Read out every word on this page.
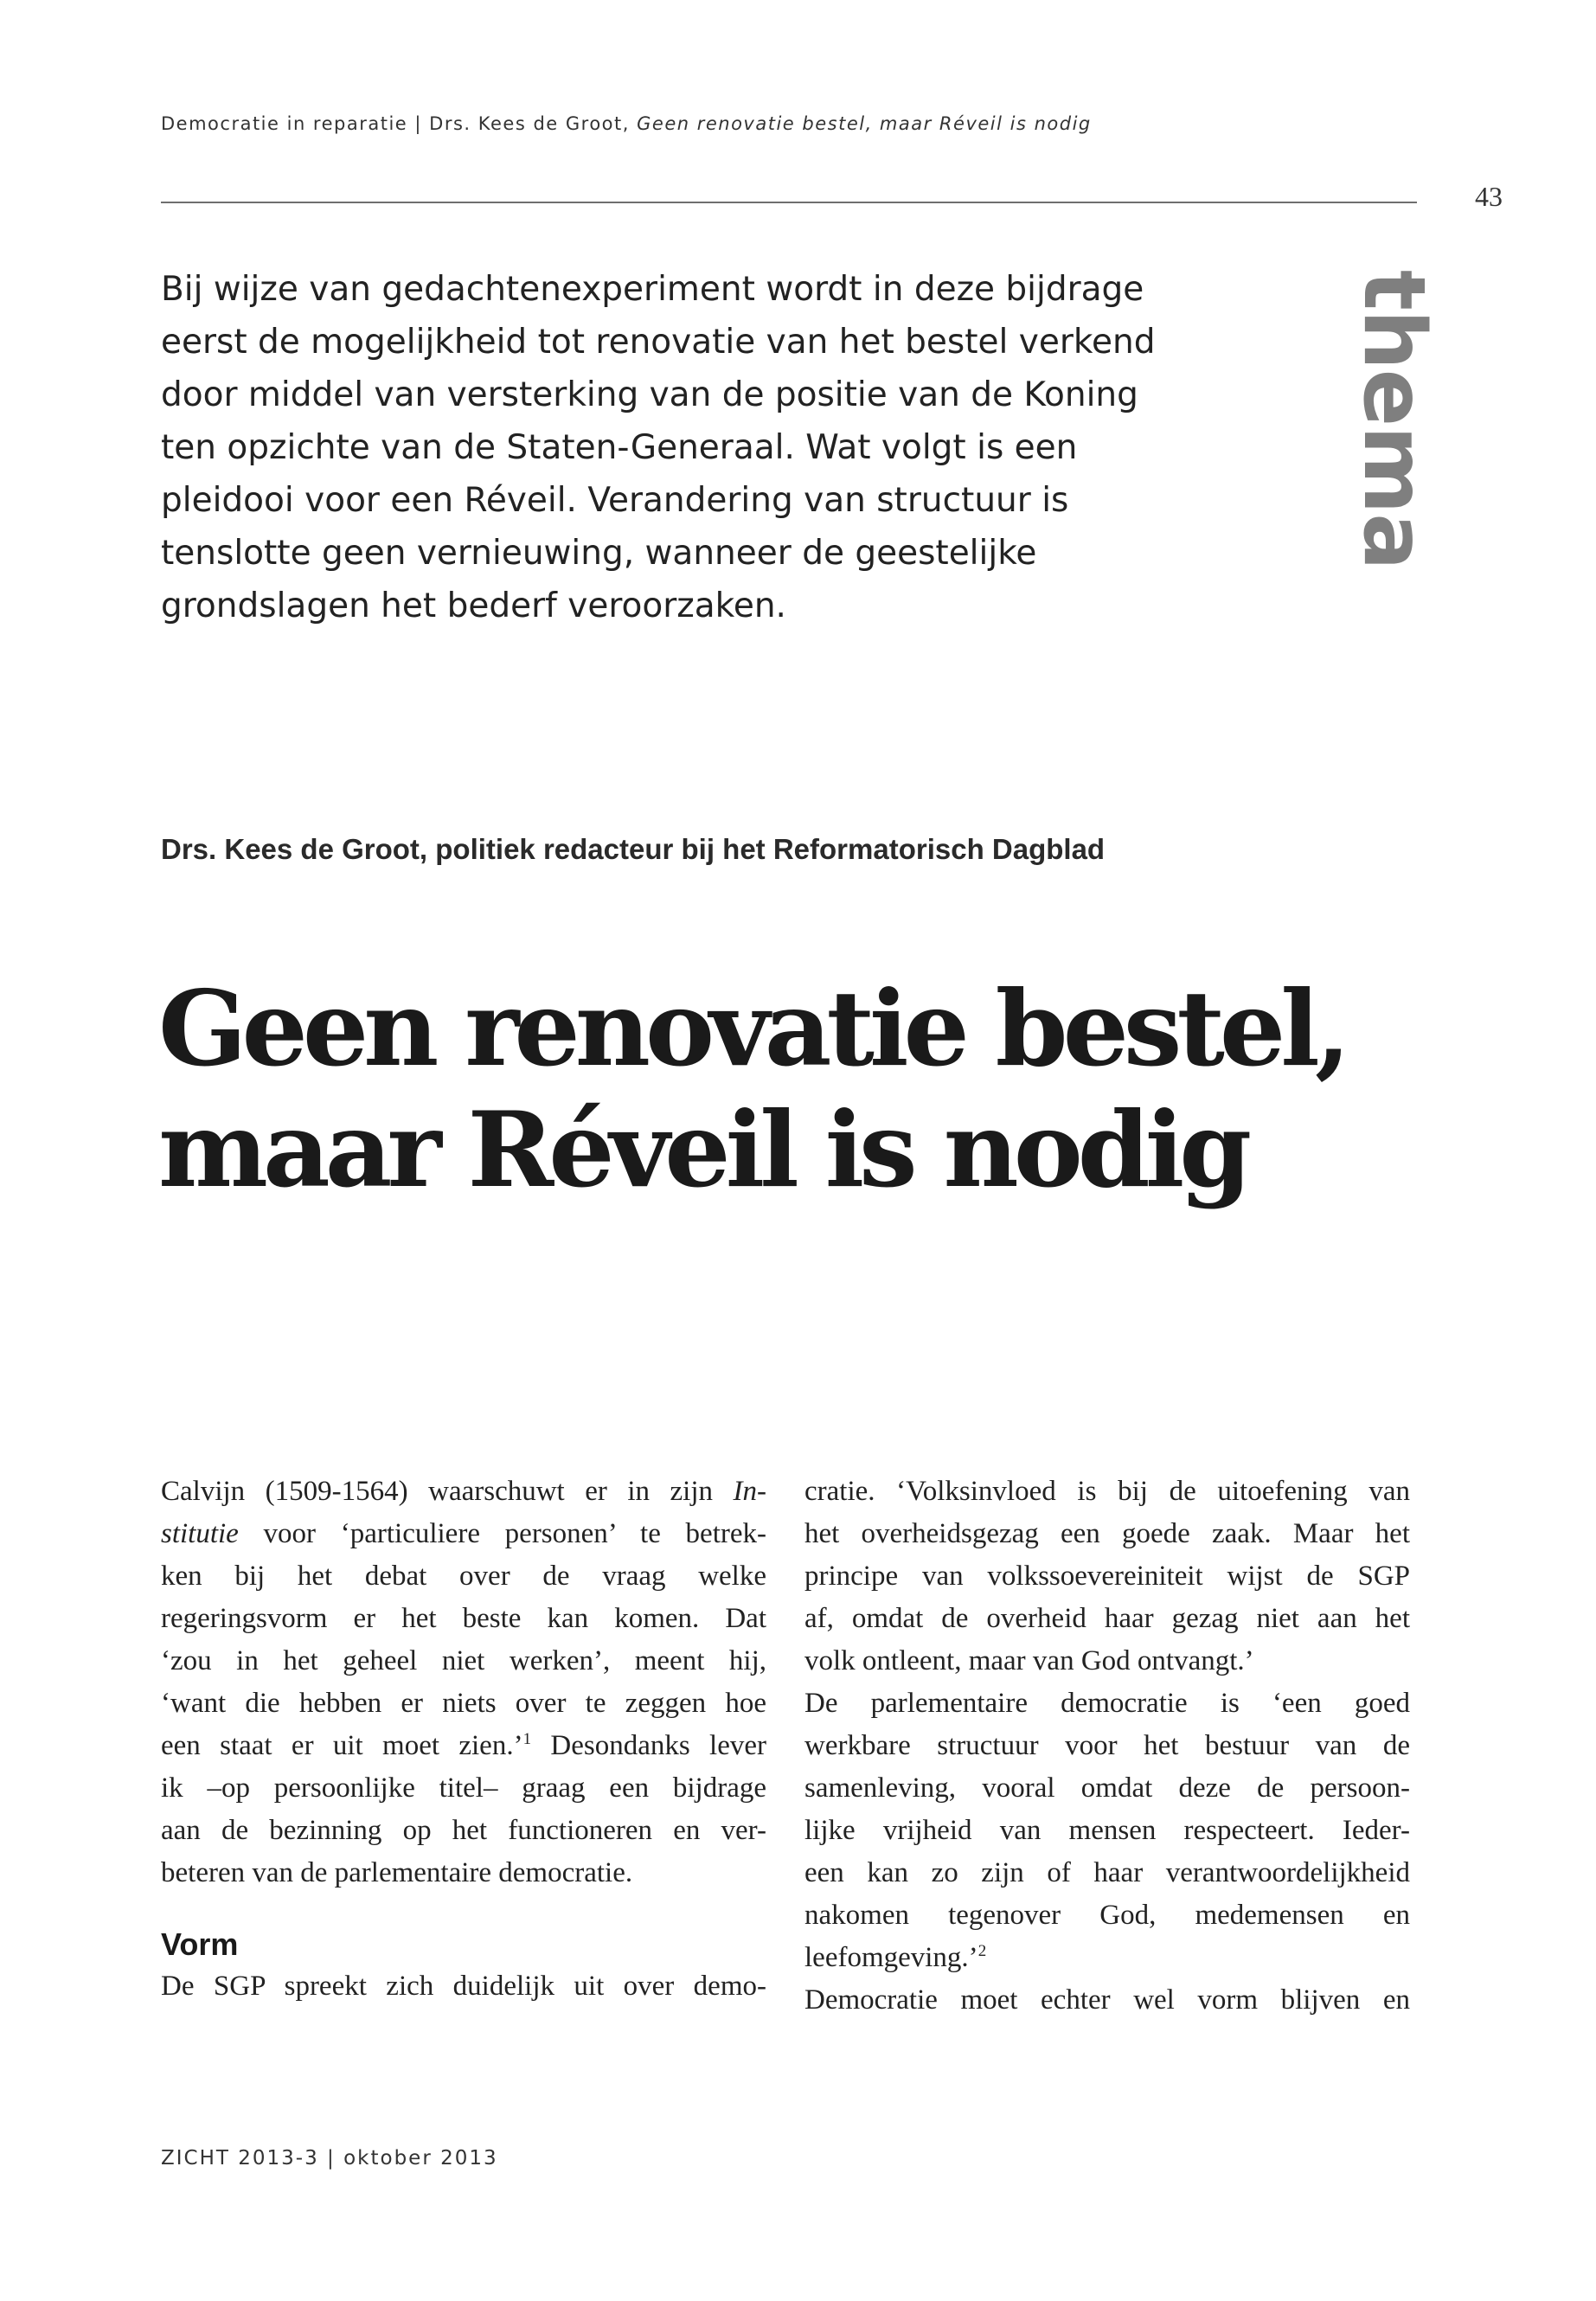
Democratie in reparatie | Drs. Kees de Groot, Geen renovatie bestel, maar Réveil is nodig
43
thema
Bij wijze van gedachtenexperiment wordt in deze bijdrage
eerst de mogelijkheid tot renovatie van het bestel verkend
door middel van versterking van de positie van de Koning
ten opzichte van de Staten-Generaal. Wat volgt is een
pleidooi voor een Réveil. Verandering van structuur is
tenslotte geen vernieuwing, wanneer de geestelijke
grondslagen het bederf veroorzaken.
Drs. Kees de Groot, politiek redacteur bij het Reformatorisch Dagblad
Geen renovatie bestel,
maar Réveil is nodig
Calvijn (1509-1564) waarschuwt er in zijn In-
stitutie voor ‘particuliere personen’ te betrek-
ken bij het debat over de vraag welke
regeringsvorm er het beste kan komen. Dat
‘zou in het geheel niet werken’, meent hij,
‘want die hebben er niets over te zeggen hoe
een staat er uit moet zien.’$^1$ Desondanks lever
ik –op persoonlijke titel– graag een bijdrage
aan de bezinning op het functioneren en ver-
beteren van de parlementaire democratie.
Vorm
De SGP spreekt zich duidelijk uit over demo-
cratie. ‘Volksinvloed is bij de uitoefening van
het overheidsgezag een goede zaak. Maar het
principe van volkssoevereiniteit wijst de SGP
af, omdat de overheid haar gezag niet aan het
volk ontleent, maar van God ontvangt.’
De parlementaire democratie is ‘een goed
werkbare structuur voor het bestuur van de
samenleving, vooral omdat deze de persoon-
lijke vrijheid van mensen respecteert. Ieder-
een kan zo zijn of haar verantwoordelijkheid
nakomen tegenover God, medemensen en
leefomgeving.’$^2$
Democratie moet echter wel vorm blijven en
ZICHT 2013-3 | oktober 2013
